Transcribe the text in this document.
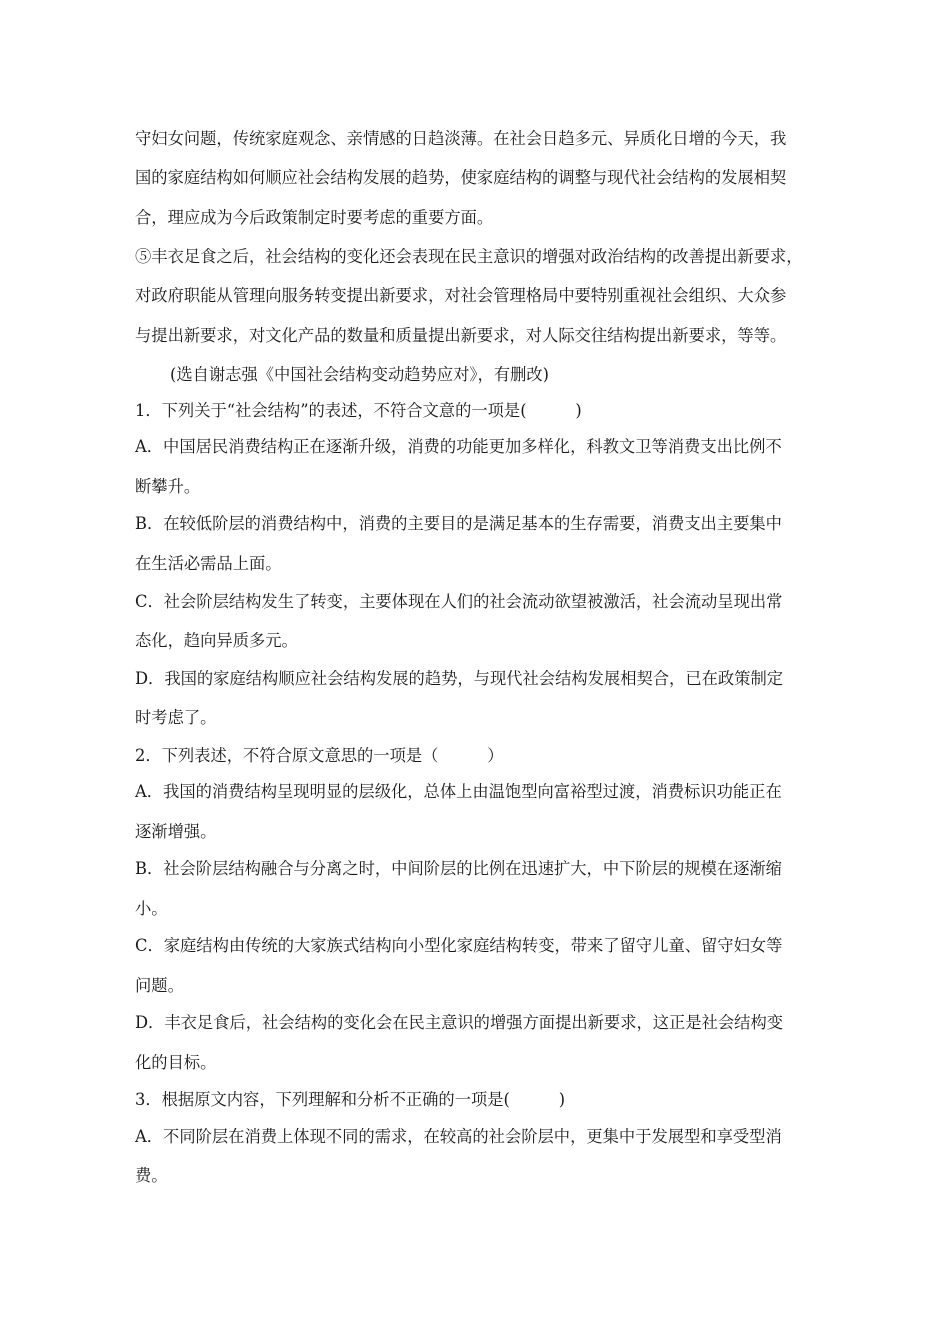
守妇女问题，传统家庭观念、亲情感的日趋淡薄。在社会日趋多元、异质化日增的今天，我
国的家庭结构如何顺应社会结构发展的趋势，使家庭结构的调整与现代社会结构的发展相契
合，理应成为今后政策制定时要考虑的重要方面。
⑤丰衣足食之后，社会结构的变化还会表现在民主意识的增强对政治结构的改善提出新要求，
对政府职能从管理向服务转变提出新要求，对社会管理格局中要特别重视社会组织、大众参
与提出新要求，对文化产品的数量和质量提出新要求，对人际交往结构提出新要求，等等。
(选自谢志强《中国社会结构变动趋势应对》，有删改)
1．下列关于“社会结构”的表述，不符合文意的一项是(　　　)
A．中国居民消费结构正在逐渐升级，消费的功能更加多样化，科教文卫等消费支出比例不
断攀升。
B．在较低阶层的消费结构中，消费的主要目的是满足基本的生存需要，消费支出主要集中
在生活必需品上面。
C．社会阶层结构发生了转变，主要体现在人们的社会流动欲望被激活，社会流动呈现出常
态化，趋向异质多元。
D．我国的家庭结构顺应社会结构发展的趋势，与现代社会结构发展相契合，已在政策制定
时考虑了。
2．下列表述，不符合原文意思的一项是（　　　）
A．我国的消费结构呈现明显的层级化，总体上由温饱型向富裕型过渡，消费标识功能正在
逐渐增强。
B．社会阶层结构融合与分离之时，中间阶层的比例在迅速扩大，中下阶层的规模在逐渐缩
小。
C．家庭结构由传统的大家族式结构向小型化家庭结构转变，带来了留守儿童、留守妇女等
问题。
D．丰衣足食后，社会结构的变化会在民主意识的增强方面提出新要求，这正是社会结构变
化的目标。
3．根据原文内容，下列理解和分析不正确的一项是(　　　)
A．不同阶层在消费上体现不同的需求，在较高的社会阶层中，更集中于发展型和享受型消
费。
